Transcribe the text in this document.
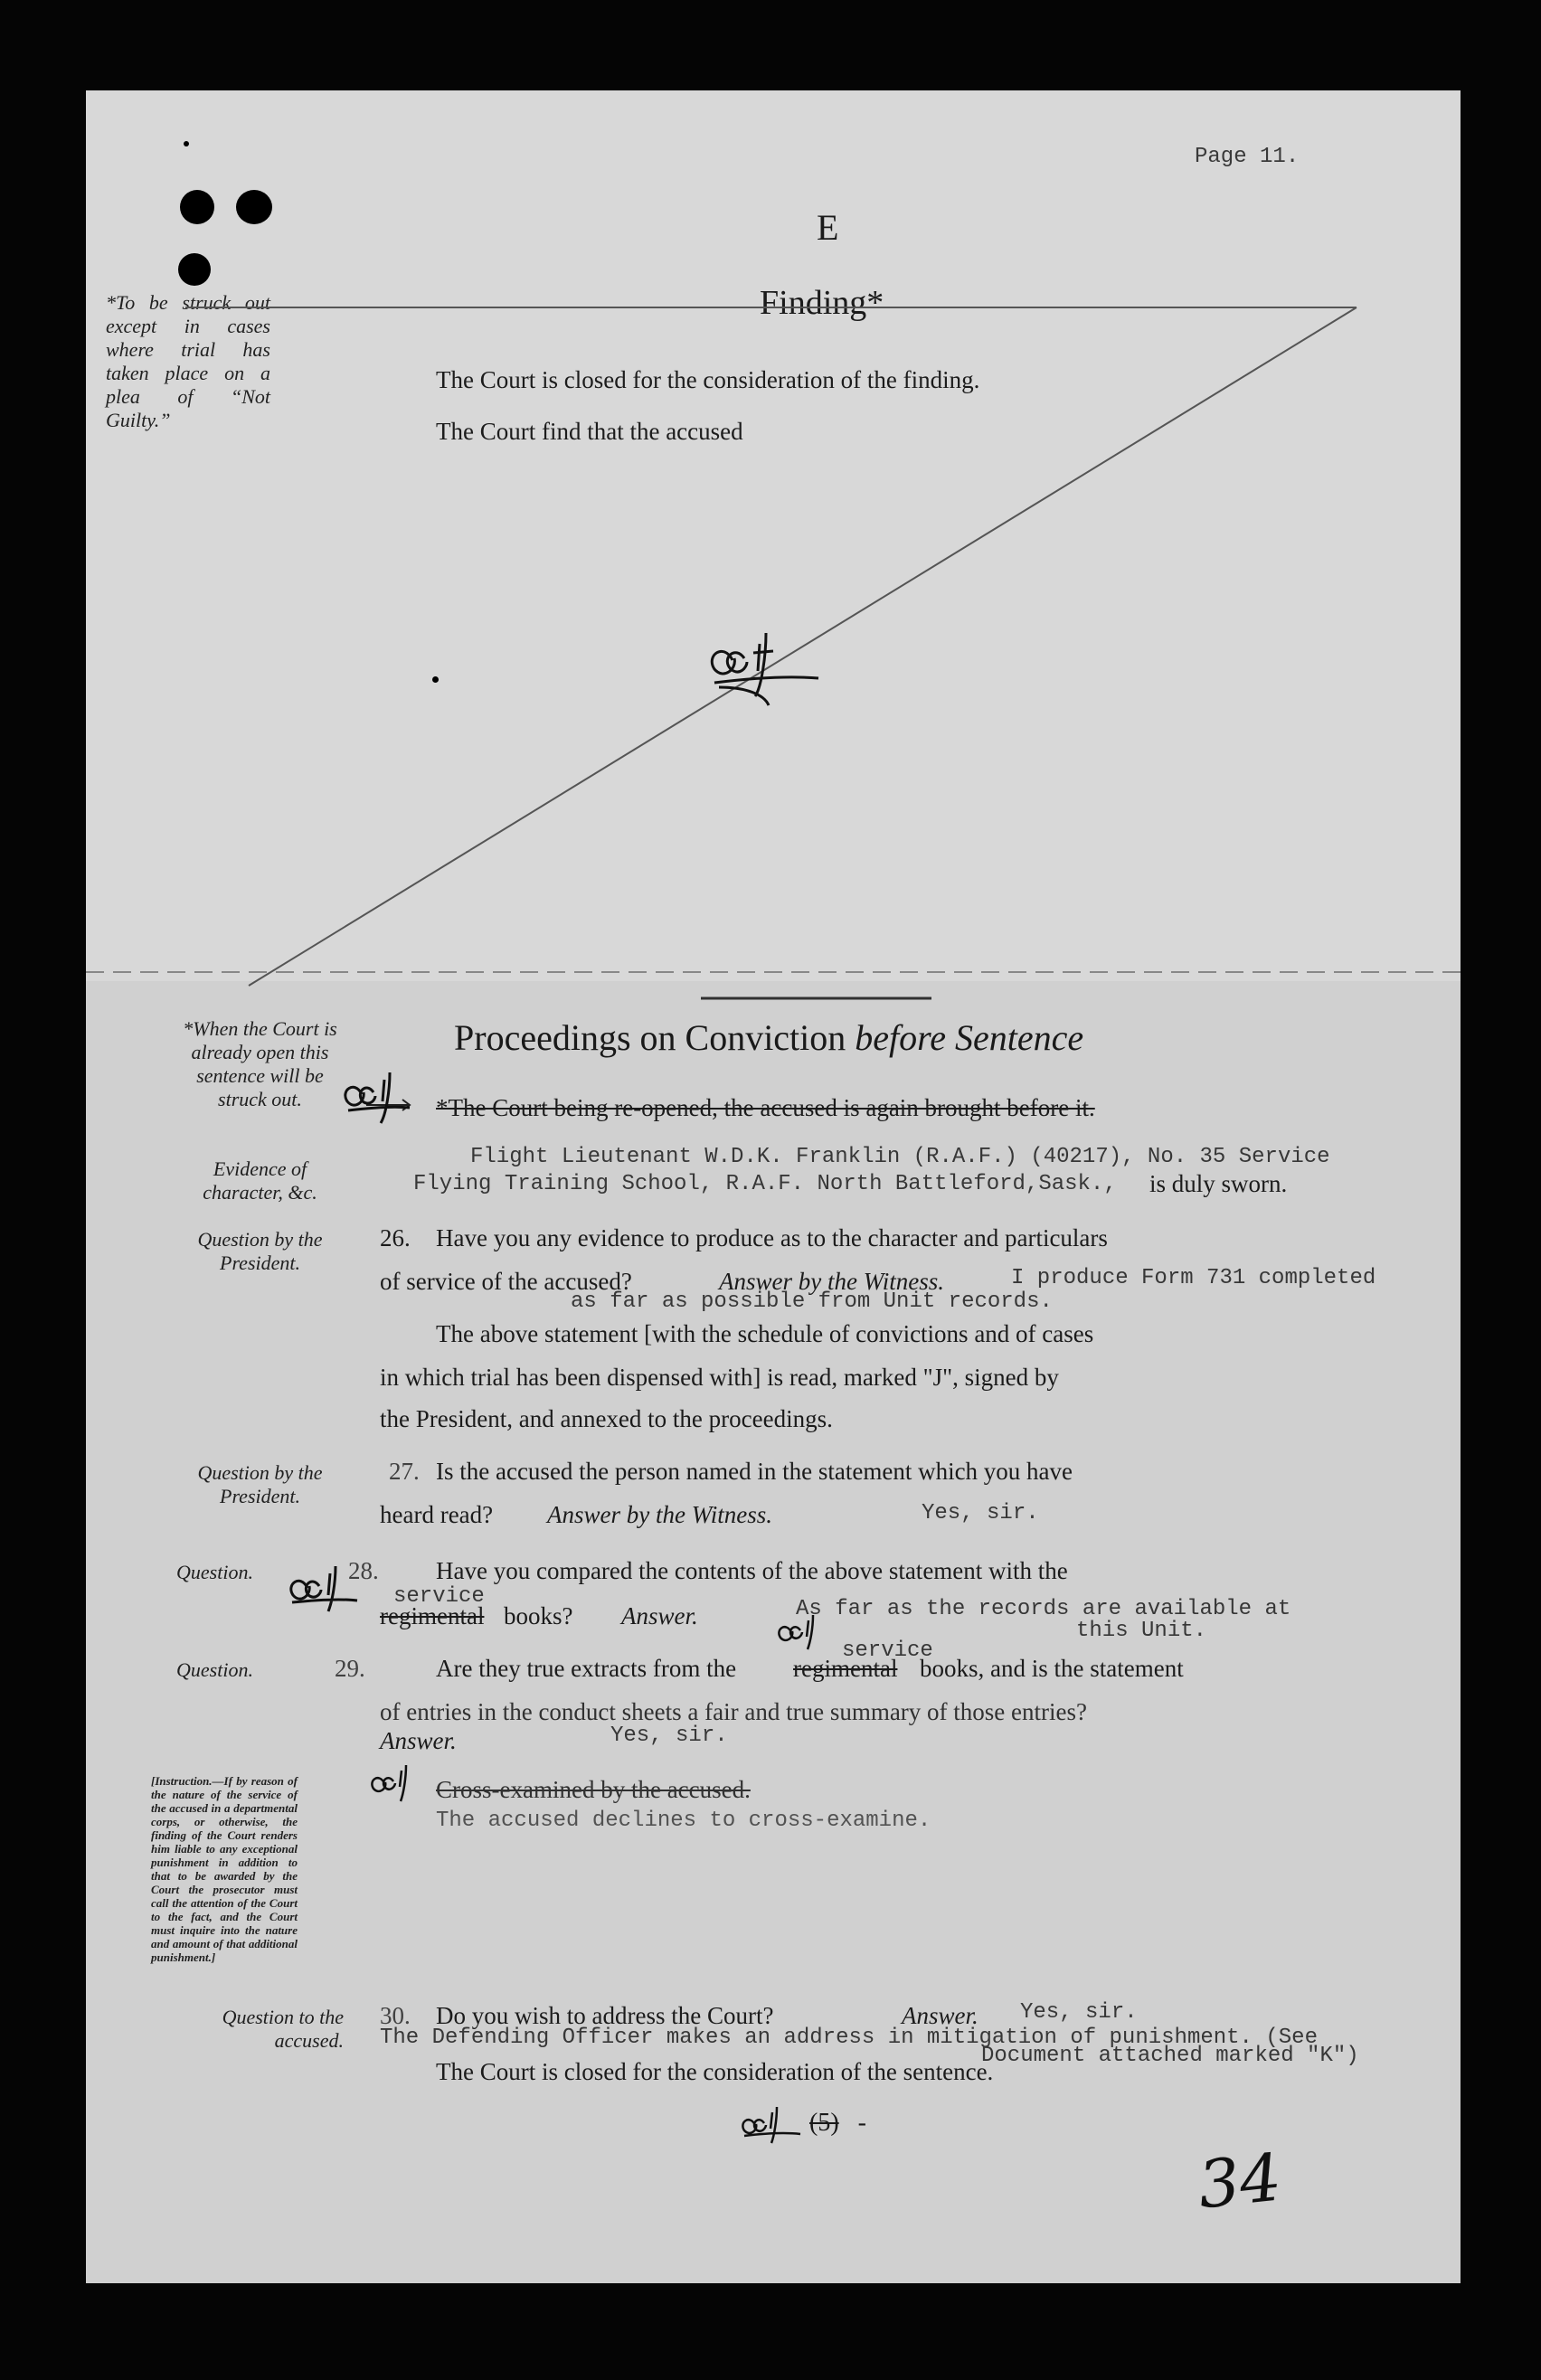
Page 11.
E
Finding*
*To be struck out except in cases where trial has taken place on a plea of “Not Guilty.”
The Court is closed for the consideration of the finding.
The Court find that the accused
Proceedings on Conviction before Sentence
*When the Court is already open this sentence will be struck out.
Evidence of character, &c.
*The Court being re-opened, the accused is again brought before it.
Flight Lieutenant W.D.K. Franklin (R.A.F.) (40217), No. 35 Service
Flying Training School, R.A.F. North Battleford,Sask., is duly sworn.
Question by the President.
26. Have you any evidence to produce as to the character and particulars
of service of the accused?	Answer by the Witness.	I produce Form 731 completed
as far as possible from Unit records.
The above statement [with the schedule of convictions and of cases
in which trial has been dispensed with] is read, marked "J", signed by
the President, and annexed to the proceedings.
Question by the President.
27. Is the accused the person named in the statement which you have
heard read? Answer by the Witness.	Yes, sir.
Question.	28. Have you compared the contents of the above statement with the
service
regimental books? Answer.	As far as the records are available at
this Unit.
Question.	29.	Are they true extracts from the regimental
service
books, and is the statement
of entries in the conduct sheets a fair and true summary of those entries?
Answer.	Yes, sir.
[Instruction.—If by reason of the nature of the service of the accused in a departmental corps, or otherwise, the finding of the Court renders him liable to any exceptional punishment in addition to that to be awarded by the Court the prosecutor must call the attention of the Court to the fact, and the Court must inquire into the nature and amount of that additional punishment.]
Cross-examined by the accused.
The accused declines to cross-examine.
Question to the accused.
30. Do you wish to address the Court?	Answer. Yes, sir.
The Defending Officer makes an address in mitigation of punishment. (See
Document attached marked "K")
The Court is closed for the consideration of the sentence.
(5)   -
34
